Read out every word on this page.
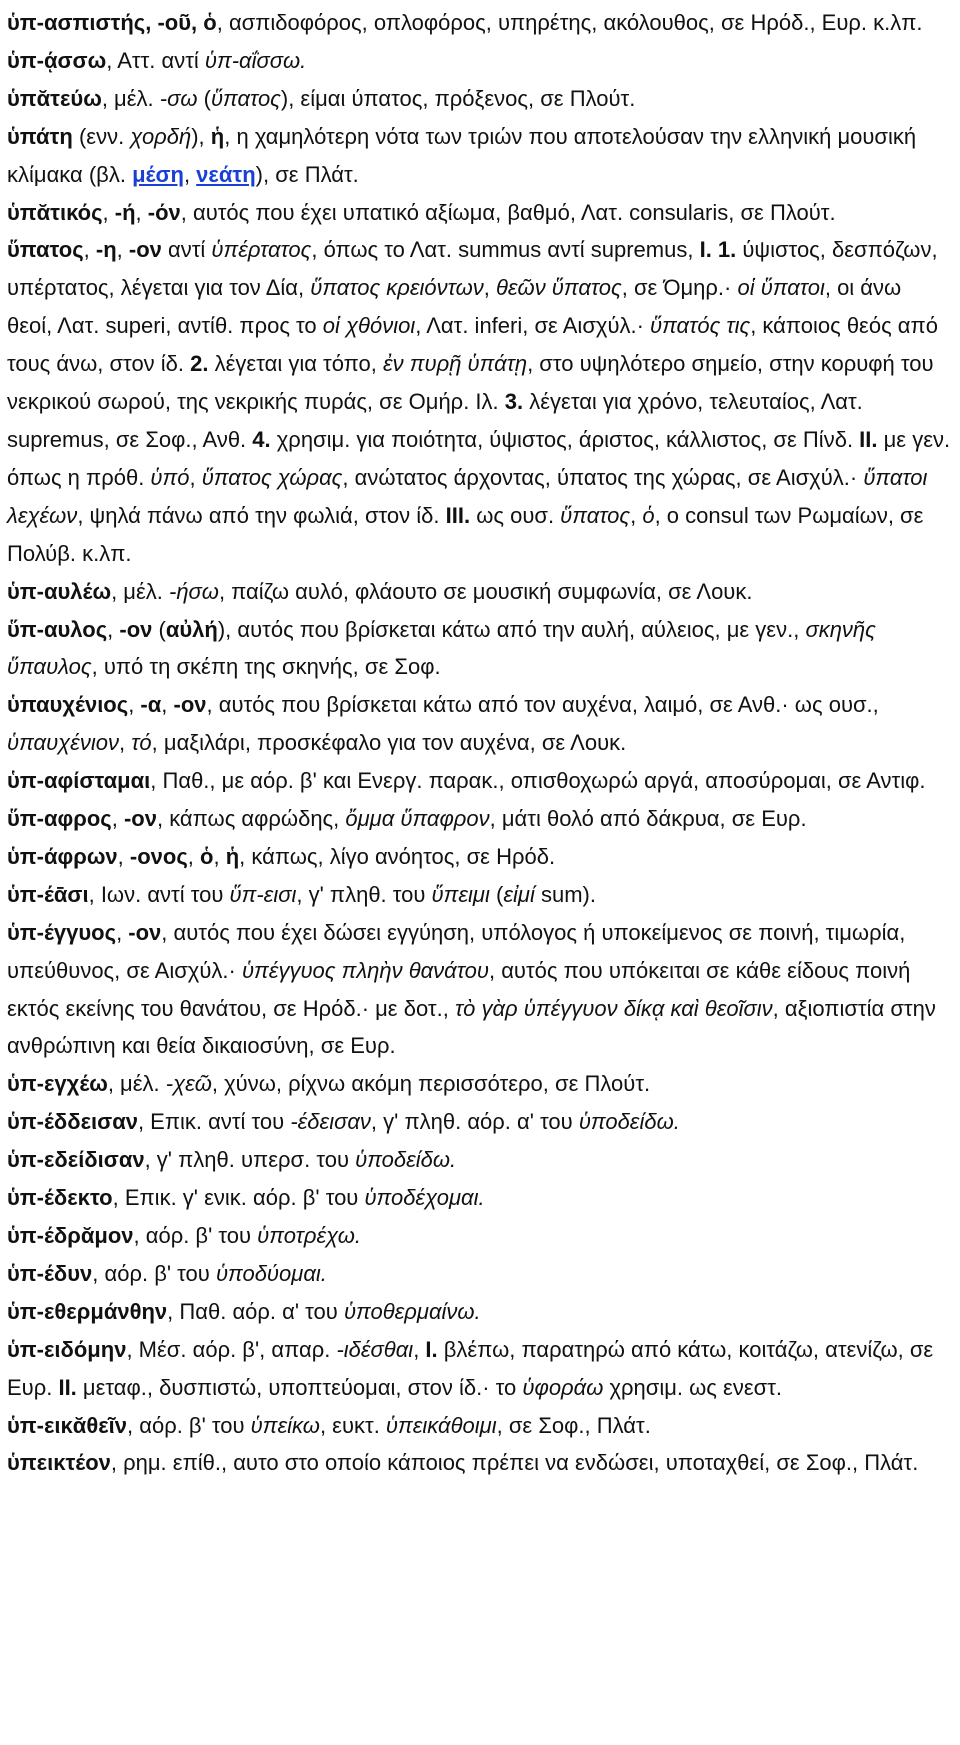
ὑπ-ασπιστής, -οῦ, ὁ, ασπιδοφόρος, οπλοφόρος, υπηρέτης, ακόλουθος, σε Ηρόδ., Ευρ. κ.λπ.

ὑπ-ᾴσσω, Αττ. αντί ὑπ-αΐσσω.

ὑπᾰτεύω, μέλ. -σω (ὕπατος), είμαι ύπατος, πρόξενος, σε Πλούτ.

ὑπάτη (ενν. χορδή), ἡ, η χαμηλότερη νότα των τριών που αποτελούσαν την ελληνική μουσική κλίμακα (βλ. μέση, νεάτη), σε Πλάτ.

ὑπᾰτικός, -ή, -όν, αυτός που έχει υπατικό αξίωμα, βαθμό, Λατ. consularis, σε Πλούτ.

ὕπατος, -η, -ον αντί ὑπέρτατος, όπως το Λατ. summus αντί supremus, I. 1. ύψιστος, δεσπόζων, υπέρτατος, λέγεται για τον Δία, ὕπατος κρειόντων, θεῶν ὕπατος, σε Όμηρ.· οἱ ὕπατοι, οι άνω θεοί, Λατ. superi, αντίθ. προς το οἱ χθόνιοι, Λατ. inferi, σε Αισχύλ.· ὕπατός τις, κάποιος θεός από τους άνω, στον ίδ. 2. λέγεται για τόπο, ἐν πυρῇ ὑπάτῃ, στο υψηλότερο σημείο, στην κορυφή του νεκρικού σωρού, της νεκρικής πυράς, σε Ομήρ. Ιλ. 3. λέγεται για χρόνο, τελευταίος, Λατ. supremus, σε Σοφ., Ανθ. 4. χρησιμ. για ποιότητα, ύψιστος, άριστος, κάλλιστος, σε Πίνδ. II. με γεν. όπως η πρόθ. ὑπό, ὕπατος χώρας, ανώτατος άρχοντας, ύπατος της χώρας, σε Αισχύλ.· ὕπατοι λεχέων, ψηλά πάνω από την φωλιά, στον ίδ. III. ως ουσ. ὕπατος, ὁ, ο consul των Ρωμαίων, σε Πολύβ. κ.λπ.

ὑπ-αυλέω, μέλ. -ήσω, παίζω αυλό, φλάουτο σε μουσική συμφωνία, σε Λουκ.

ὕπ-αυλος, -ον (αὐλή), αυτός που βρίσκεται κάτω από την αυλή, αύλειος, με γεν., σκηνῆς ὕπαυλος, υπό τη σκέπη της σκηνής, σε Σοφ.

ὑπαυχένιος, -α, -ον, αυτός που βρίσκεται κάτω από τον αυχένα, λαιμό, σε Ανθ.· ως ουσ., ὑπαυχένιον, τό, μαξιλάρι, προσκέφαλο για τον αυχένα, σε Λουκ.

ὑπ-αφίσταμαι, Παθ., με αόρ. β' και Ενεργ. παρακ., οπισθοχωρώ αργά, αποσύρομαι, σε Αντιφ.

ὕπ-αφρος, -ον, κάπως αφρώδης, ὄμμα ὕπαφρον, μάτι θολό από δάκρυα, σε Ευρ.

ὑπ-άφρων, -ονος, ὁ, ἡ, κάπως, λίγο ανόητος, σε Ηρόδ.

ὑπ-έᾱσι, Ιων. αντί του ὕπ-εισι, γ' πληθ. του ὕπειμι (εἰμί sum).

ὑπ-έγγυος, -ον, αυτός που έχει δώσει εγγύηση, υπόλογος ή υποκείμενος σε ποινή, τιμωρία, υπεύθυνος, σε Αισχύλ.· ὑπέγγυος πληὴν θανάτου, αυτός που υπόκειται σε κάθε είδους ποινή εκτός εκείνης του θανάτου, σε Ηρόδ.· με δοτ., τὸ γὰρ ὑπέγγυον δίκᾳ καὶ θεοῖσιν, αξιοπιστία στην ανθρώπινη και θεία δικαιοσύνη, σε Ευρ.

ὑπ-εγχέω, μέλ. -χεῶ, χύνω, ρίχνω ακόμη περισσότερο, σε Πλούτ.

ὑπ-έδδεισαν, Επικ. αντί του -έδεισαν, γ' πληθ. αόρ. α' του ὑποδείδω.

ὑπ-εδείδισαν, γ' πληθ. υπερσ. του ὑποδείδω.

ὑπ-έδεκτο, Επικ. γ' ενικ. αόρ. β' του ὑποδέχομαι.

ὑπ-έδρᾰμον, αόρ. β' του ὑποτρέχω.

ὑπ-έδυν, αόρ. β' του ὑποδύομαι.

ὑπ-εθερμάνθην, Παθ. αόρ. α' του ὑποθερμαίνω.

ὑπ-ειδόμην, Μέσ. αόρ. β', απαρ. -ιδέσθαι, I. βλέπω, παρατηρώ από κάτω, κοιτάζω, ατενίζω, σε Ευρ. II. μεταφ., δυσπιστώ, υποπτεύομαι, στον ίδ.· το ὑφοράω χρησιμ. ως ενεστ.

ὑπ-εικᾰθεῖν, αόρ. β' του ὑπείκω, ευκτ. ὑπεικάθοιμι, σε Σοφ., Πλάτ.

ὑπεικτέον, ρημ. επίθ., αυτο στο οποίο κάποιος πρέπει να ενδώσει, υποταχθεί, σε Σοφ., Πλάτ.
